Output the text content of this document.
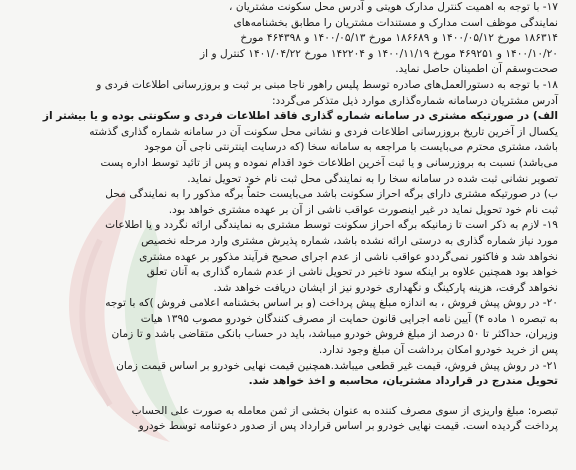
۱۷- با توجه به اهمیت کنترل مدارک هویتی و آدرس محل سکونت مشتریان ،

نمایندگی موظف است مدارک و مستندات مشتریان را مطابق بخشنامه‌های

۱۸۶۳۱۴ مورخ ۱۴۰۰/۰۵/۱۲ و ۱۸۶۶۸۹ مورخ ۱۴۰۰/۰۵/۱۳ و ۴۶۴۳۹۸ مورخ

۱۴۰۰/۱۰/۲۰ و ۴۶۹۲۵۱ مورخ ۱۴۰۰/۱۱/۱۹ و ۱۴۲۲۰۴ مورخ ۱۴۰۱/۰۴/۲۲ کنترل و از

صحت‌وسقم آن اطمینان حاصل نماید.

۱۸- با توجه به دستورالعمل‌های صادره توسط پلیس راهور ناجا مبنی بر ثبت و بروزرسانی اطلاعات فردی و

آدرس مشتریان درسامانه شماره‌گذاری موارد ذیل متذکر می‌گردد:

الف) در صورتیکه مشتری در سامانه شماره گذاری فاقد اطلاعات فردی و سکونتی بوده و یا بیشتر از

یکسال از آخرین تاریخ بروزرسانی اطلاعات فردی و نشانی محل سکونت آن در سامانه شماره گذاری گذشته

باشد، مشتری محترم می‌بایست با مراجعه به سامانه سخا (که درسایت اینترنتی ناجی آن موجود

می‌باشد) نسبت به بروزرسانی و یا ثبت آخرین اطلاعات خود اقدام نموده و پس از تائید توسط اداره پست

تصویر نشانی ثبت شده در سامانه سخا را به نمایندگی محل ثبت نام خود تحویل نماید.

ب) در صورتیکه مشتری دارای برگه احراز سکونت باشد می‌بایست حتماً برگه مذکور را به نمایندگی محل

ثبت نام خود تحویل نماید در غیر اینصورت عواقب ناشی از آن بر عهده مشتری خواهد بود.

۱۹- لازم به ذکر است تا زمانیکه برگه احراز سکونت توسط مشتری به نمایندگی ارائه نگردد و یا اطلاعات

مورد نیاز شماره گذاری به درستی ارائه نشده باشد، شماره پذیرش مشتری وارد مرحله نخصیص

نخواهد شد و فاکتور نمی‌گرددو عواقب ناشی از عدم اجرای صحیح فرآیند مذکور بر عهده مشتری

خواهد بود همچنین علاوه بر اینکه سود تاخیر در تحویل ناشی از عدم شماره گذاری به آنان تعلق

نخواهد گرفت، هزینه پارکینگ و نگهداری خودرو نیز از ایشان دریافت خواهد شد.

۲۰- در روش پیش فروش ، به اندازه مبلغ پیش پرداخت (و بر اساس بخشنامه اعلامی فروش )که با توجه

به تبصره ۱ ماده ۴) آیین نامه اجرایی قانون حمایت از مصرف کنندگان خودرو مصوب ۱۳۹۵ هیات

وزیران، حداکثر تا ۵۰ درصد از مبلغ فروش خودرو میباشد، باید در حساب بانکی متقاضی باشد و تا زمان

پس از خرید خودرو امکان برداشت آن مبلغ وجود ندارد.

۲۱- در روش پیش فروش، قیمت غیر قطعی میباشد.همچنین قیمت نهایی خودرو بر اساس قیمت زمان

تحویل مندرج در قرارداد مشتریان، محاسبه و اخذ خواهد شد.

تبصره: مبلغ واریزی از سوی مصرف کننده به عنوان بخشی از ثمن معامله به صورت علی الحساب

پرداخت گردیده است. قیمت نهایی خودرو بر اساس قرارداد پس از صدور دعوتنامه توسط خودرو
